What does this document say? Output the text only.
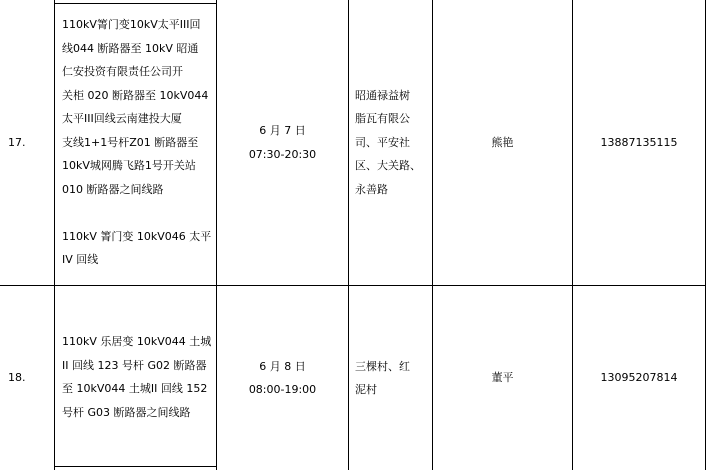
17.
110kV箐门变10kV太平III回
线044 断路器至 10kV 昭通
仁安投资有限责任公司开
关柜 020 断路器至 10kV044
太平III回线云南建投大厦
支线1+1号杆Z01 断路器至
10kV城网腾飞路1号开关站
010 断路器之间线路

110kV 箐门变 10kV046 太平
IV 回线
6 月 7 日
07:30-20:30
昭通禄益树
脂瓦有限公
司、平安社
区、大关路、
永善路
熊艳	13887135115
18.
110kV 乐居变 10kV044 土城
II 回线 123 号杆 G02 断路器
至 10kV044 土城II 回线 152
号杆 G03 断路器之间线路
6 月 8 日
08:00-19:00
三棵村、红
泥村
董平	13095207814
